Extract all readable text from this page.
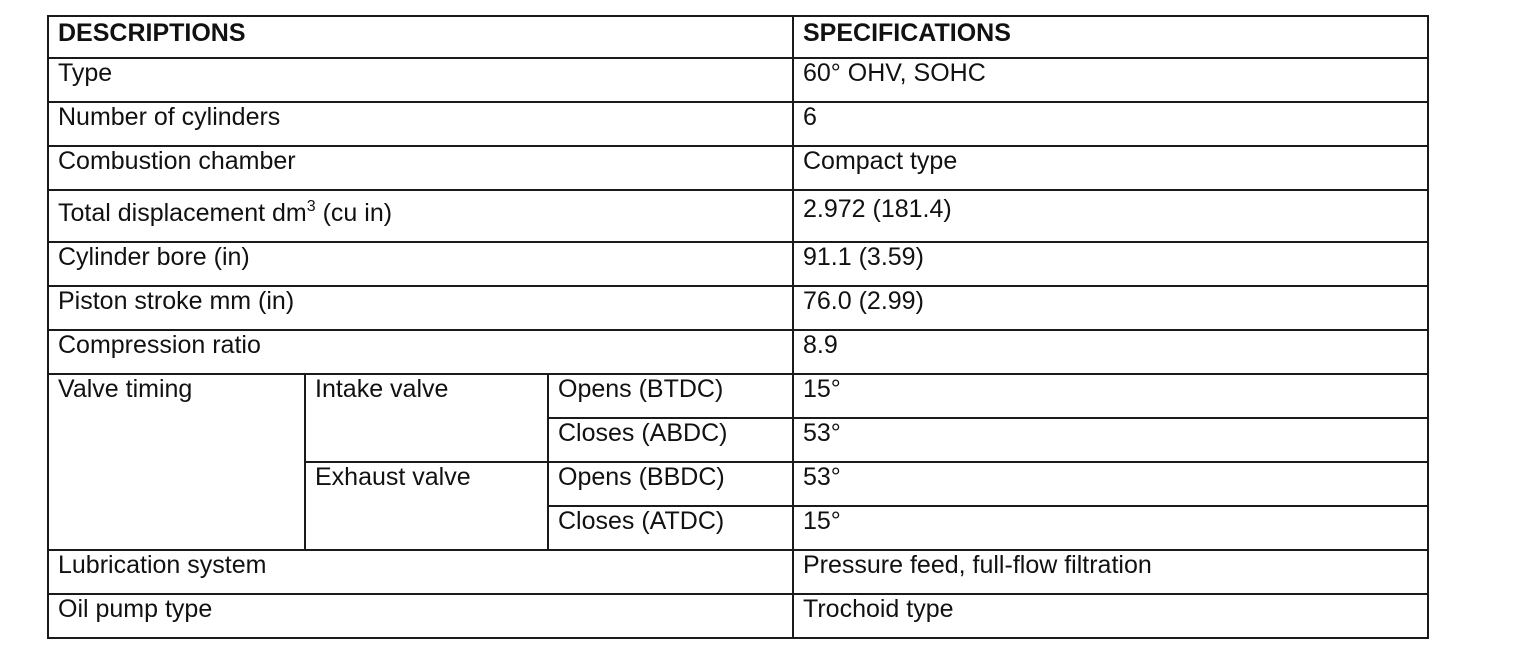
DESCRIPTIONS			SPECIFICATIONS
Type			60° OHV, SOHC
Number of cylinders			6
Combustion chamber			Compact type
Total displacement $dm^3$ (cu in)			2.972 (181.4)
Cylinder bore (in)			91.1 (3.59)
Piston stroke mm (in)			76.0 (2.99)
Compression ratio			8.9
Valve timing	Intake valve	Opens (BTDC)	15°
		Closes (ABDC)	53°
	Exhaust valve	Opens (BBDC)	53°
		Closes (ATDC)	15°
Lubrication system			Pressure feed, full-flow filtration
Oil pump type			Trochoid type
